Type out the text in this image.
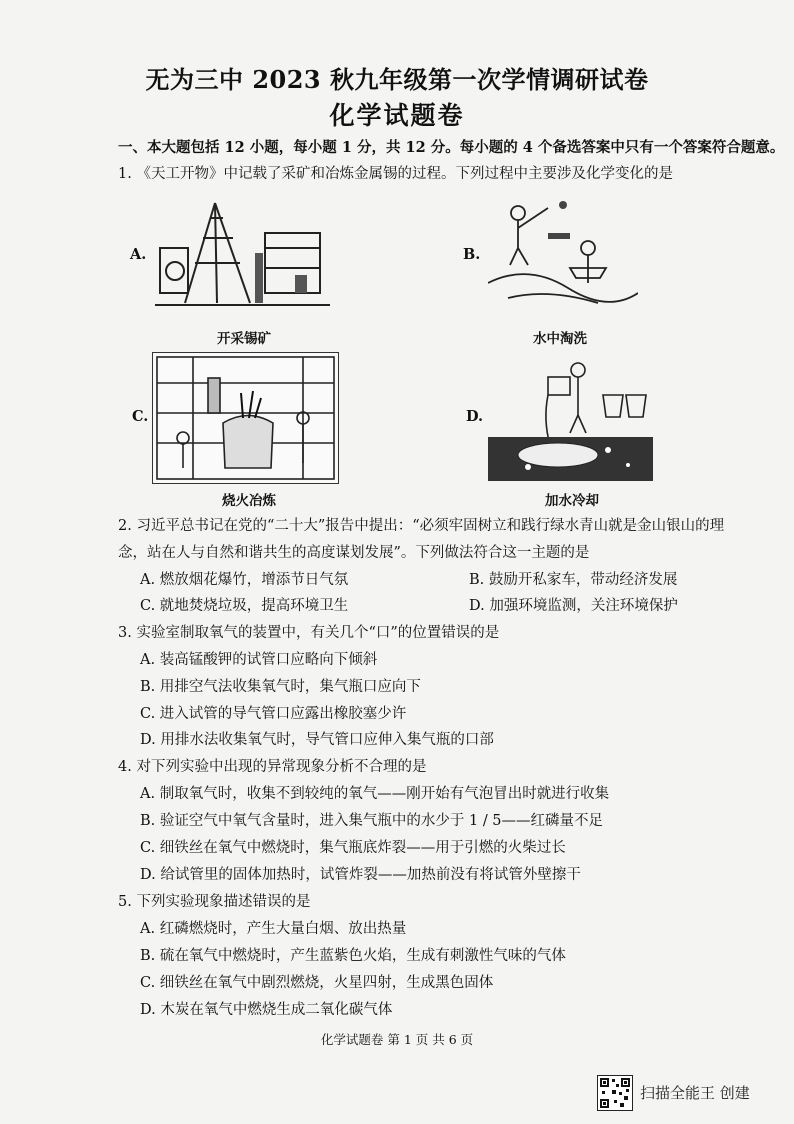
无为三中 2023 秋九年级第一次学情调研试卷
化学试题卷
一、本大题包括 12 小题，每小题 1 分，共 12 分。每小题的 4 个备选答案中只有一个答案符合题意。
1. 《天工开物》中记载了采矿和冶炼金属锡的过程。下列过程中主要涉及化学变化的是
A.
开采锡矿
B.
水中淘洗
C.
烧火冶炼
D.
加水冷却
2. 习近平总书记在党的“二十大”报告中提出：“必须牢固树立和践行绿水青山就是金山银山的理
念，站在人与自然和谐共生的高度谋划发展”。下列做法符合这一主题的是
A. 燃放烟花爆竹，增添节日气氛	B. 鼓励开私家车，带动经济发展
C. 就地焚烧垃圾，提高环境卫生	D. 加强环境监测，关注环境保护
3. 实验室制取氧气的装置中，有关几个“口”的位置错误的是
A. 装高锰酸钾的试管口应略向下倾斜
B. 用排空气法收集氧气时，集气瓶口应向下
C. 进入试管的导气管口应露出橡胶塞少许
D. 用排水法收集氧气时，导气管口应伸入集气瓶的口部
4. 对下列实验中出现的异常现象分析不合理的是
A. 制取氧气时，收集不到较纯的氧气——刚开始有气泡冒出时就进行收集
B. 验证空气中氧气含量时，进入集气瓶中的水少于 1 / 5——红磷量不足
C. 细铁丝在氧气中燃烧时，集气瓶底炸裂——用于引燃的火柴过长
D. 给试管里的固体加热时，试管炸裂——加热前没有将试管外壁擦干
5. 下列实验现象描述错误的是
A. 红磷燃烧时，产生大量白烟、放出热量
B. 硫在氧气中燃烧时，产生蓝紫色火焰，生成有刺激性气味的气体
C. 细铁丝在氧气中剧烈燃烧，火星四射，生成黑色固体
D. 木炭在氧气中燃烧生成二氧化碳气体
化学试题卷 第 1 页 共 6 页
扫描全能王 创建
